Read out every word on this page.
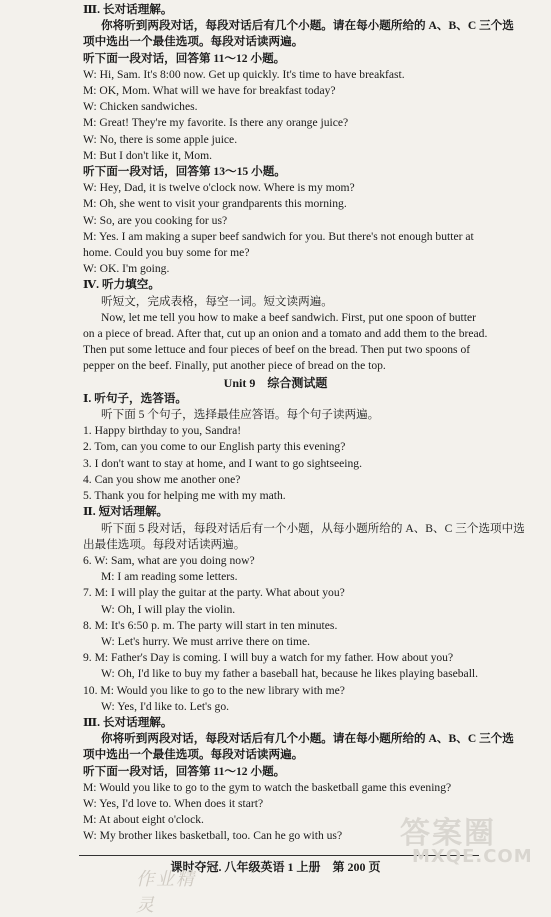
Ⅲ. 长对话理解。
你将听到两段对话，每段对话后有几个小题。请在每小题所给的 A、B、C 三个选
项中选出一个最佳选项。每段对话读两遍。
听下面一段对话，回答第 11～12 小题。
W: Hi, Sam. It's 8:00 now. Get up quickly. It's time to have breakfast.
M: OK, Mom. What will we have for breakfast today?
W: Chicken sandwiches.
M: Great! They're my favorite. Is there any orange juice?
W: No, there is some apple juice.
M: But I don't like it, Mom.
听下面一段对话，回答第 13～15 小题。
W: Hey, Dad, it is twelve o'clock now. Where is my mom?
M: Oh, she went to visit your grandparents this morning.
W: So, are you cooking for us?
M: Yes. I am making a super beef sandwich for you. But there's not enough butter at
home. Could you buy some for me?
W: OK. I'm going.
Ⅳ. 听力填空。
听短文，完成表格，每空一词。短文读两遍。
Now, let me tell you how to make a beef sandwich. First, put one spoon of butter
on a piece of bread. After that, cut up an onion and a tomato and add them to the bread.
Then put some lettuce and four pieces of beef on the bread. Then put two spoons of
pepper on the beef. Finally, put another piece of bread on the top.
Unit 9　综合测试题
Ⅰ. 听句子，选答语。
听下面 5 个句子，选择最佳应答语。每个句子读两遍。
1. Happy birthday to you, Sandra!
2. Tom, can you come to our English party this evening?
3. I don't want to stay at home, and I want to go sightseeing.
4. Can you show me another one?
5. Thank you for helping me with my math.
Ⅱ. 短对话理解。
听下面 5 段对话，每段对话后有一个小题，从每小题所给的 A、B、C 三个选项中选
出最佳选项。每段对话读两遍。
6. W: Sam, what are you doing now?
M: I am reading some letters.
7. M: I will play the guitar at the party. What about you?
W: Oh, I will play the violin.
8. M: It's 6:50 p. m. The party will start in ten minutes.
W: Let's hurry. We must arrive there on time.
9. M: Father's Day is coming. I will buy a watch for my father. How about you?
W: Oh, I'd like to buy my father a baseball hat, because he likes playing baseball.
10. M: Would you like to go to the new library with me?
W: Yes, I'd like to. Let's go.
Ⅲ. 长对话理解。
你将听到两段对话，每段对话后有几个小题。请在每小题所给的 A、B、C 三个选
项中选出一个最佳选项。每段对话读两遍。
听下面一段对话，回答第 11～12 小题。
M: Would you like to go to the gym to watch the basketball game this evening?
W: Yes, I'd love to. When does it start?
M: At about eight o'clock.
W: My brother likes basketball, too. Can he go with us?
课时夺冠. 八年级英语 1 上册　第 200 页
答案圈
MXQE.COM
作业精灵
